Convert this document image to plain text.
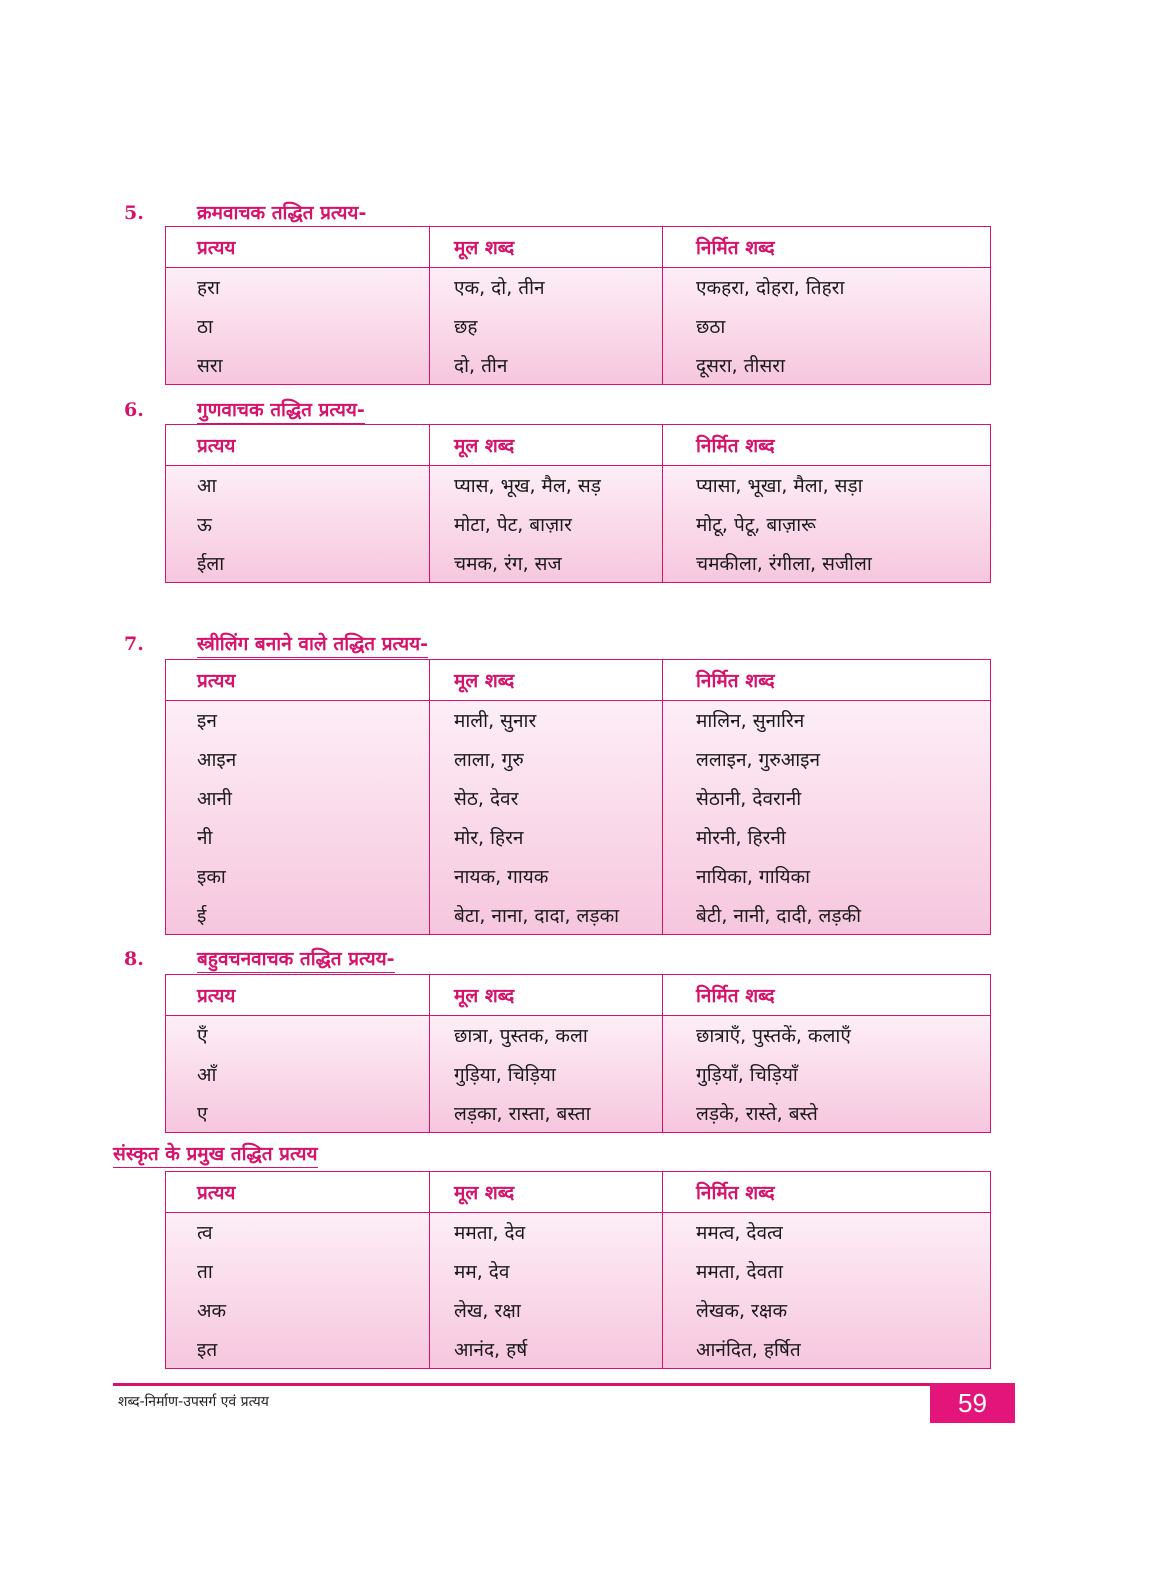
5.	क्रमवाचक तद्धित प्रत्यय-
प्रत्यय	मूल शब्द	निर्मित शब्द
हरा	एक, दो, तीन	एकहरा, दोहरा, तिहरा
ठा	छह	छठा
सरा	दो, तीन	दूसरा, तीसरा
6.	गुणवाचक तद्धित प्रत्यय-
प्रत्यय	मूल शब्द	निर्मित शब्द
आ	प्यास, भूख, मैल, सड़	प्यासा, भूखा, मैला, सड़ा
ऊ	मोटा, पेट, बाज़ार	मोटू, पेटू, बाज़ारू
ईला	चमक, रंग, सज	चमकीला, रंगीला, सजीला
7.	स्त्रीलिंग बनाने वाले तद्धित प्रत्यय-
प्रत्यय	मूल शब्द	निर्मित शब्द
इन	माली, सुनार	मालिन, सुनारिन
आइन	लाला, गुरु	ललाइन, गुरुआइन
आनी	सेठ, देवर	सेठानी, देवरानी
नी	मोर, हिरन	मोरनी, हिरनी
इका	नायक, गायक	नायिका, गायिका
ई	बेटा, नाना, दादा, लड़का	बेटी, नानी, दादी, लड़की
8.	बहुवचनवाचक तद्धित प्रत्यय-
प्रत्यय	मूल शब्द	निर्मित शब्द
एँ	छात्रा, पुस्तक, कला	छात्राएँ, पुस्तकें, कलाएँ
आँ	गुड़िया, चिड़िया	गुड़ियाँ, चिड़ियाँ
ए	लड़का, रास्ता, बस्ता	लड़के, रास्ते, बस्ते
संस्कृत के प्रमुख तद्धित प्रत्यय
प्रत्यय	मूल शब्द	निर्मित शब्द
त्व	ममता, देव	ममत्व, देवत्व
ता	मम, देव	ममता, देवता
अक	लेख, रक्षा	लेखक, रक्षक
इत	आनंद, हर्ष	आनंदित, हर्षित
शब्द-निर्माण-उपसर्ग एवं प्रत्यय	59
